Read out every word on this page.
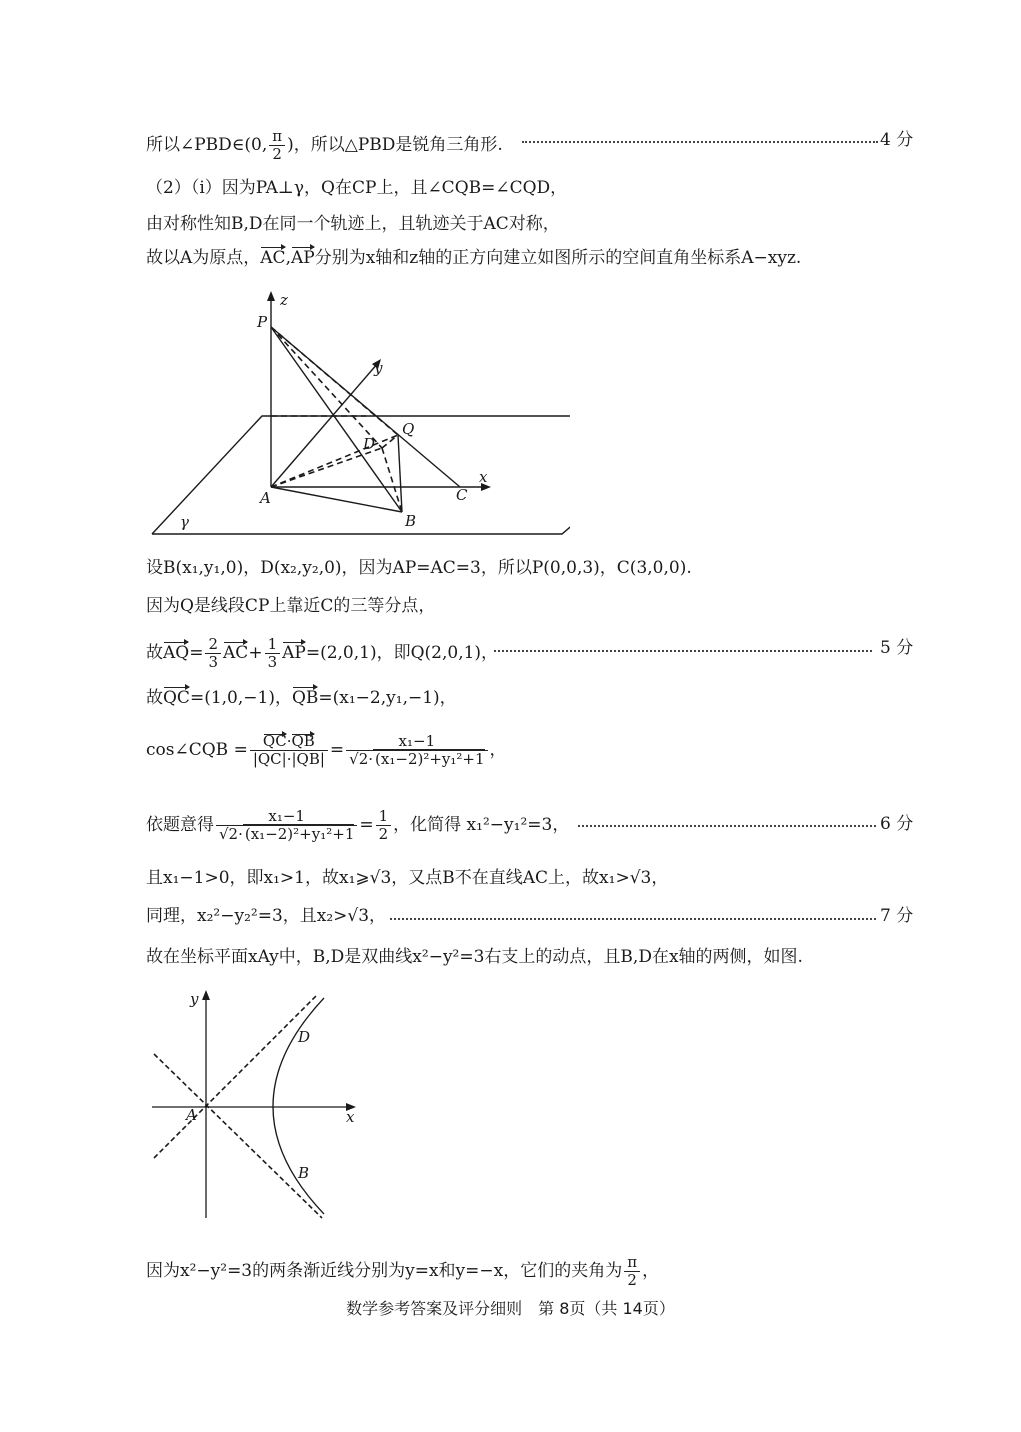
所以∠PBD∈(0, $\frac{\pi}{2}$ )，所以△PBD是锐角三角形.	4 分
（2）（i）因为PA⊥γ，Q在CP上，且∠CQB=∠CQD，
由对称性知B,D在同一个轨迹上，且轨迹关于AC对称，
故以A为原点，AC,AP分别为x轴和z轴的正方向建立如图所示的空间直角坐标系A−xyz.
z
P
y
D
Q
x
A	C
B
γ
设B(x₁,y₁,0)，D(x₂,y₂,0)，因为AP=AC=3，所以P(0,0,3)，C(3,0,0).
因为Q是线段CP上靠近C的三等分点，
故$AQ= \frac{2}{3} AC+ \frac{1}{3} AP=(2,0,1)$，即Q(2,0,1)，	5 分
故QC=(1,0,−1)，QB=(x₁−2,y₁,−1)，
cos∠CQB = $\frac{QC\cdot QB}{|QC|\cdot|QB|} = \frac{\text{x₁−1}}{\text{√2· (x₁−2)²+y₁²+1}}$ ，
依题意得 $\frac{\text{x₁−1}}{\text{√2· (x₁−2)²+y₁²+1}} = \frac{1}{2}$ ，化简得 x₁²−y₁²=3，	6 分
且x₁−1>0，即x₁>1，故x₁⩾√3，又点B不在直线AC上，故x₁>√3，
同理，x₂²−y₂²=3，且x₂>√3，	7 分
故在坐标平面xAy中，B,D是双曲线x²−y²=3右支上的动点，且B,D在x轴的两侧，如图.
y
D
A	x
B
因为x²−y²=3的两条渐近线分别为y=x和y=−x，它们的夹角为 $\frac{\pi}{2}$ ，
数学参考答案及评分细则　第 8页（共 14页）
